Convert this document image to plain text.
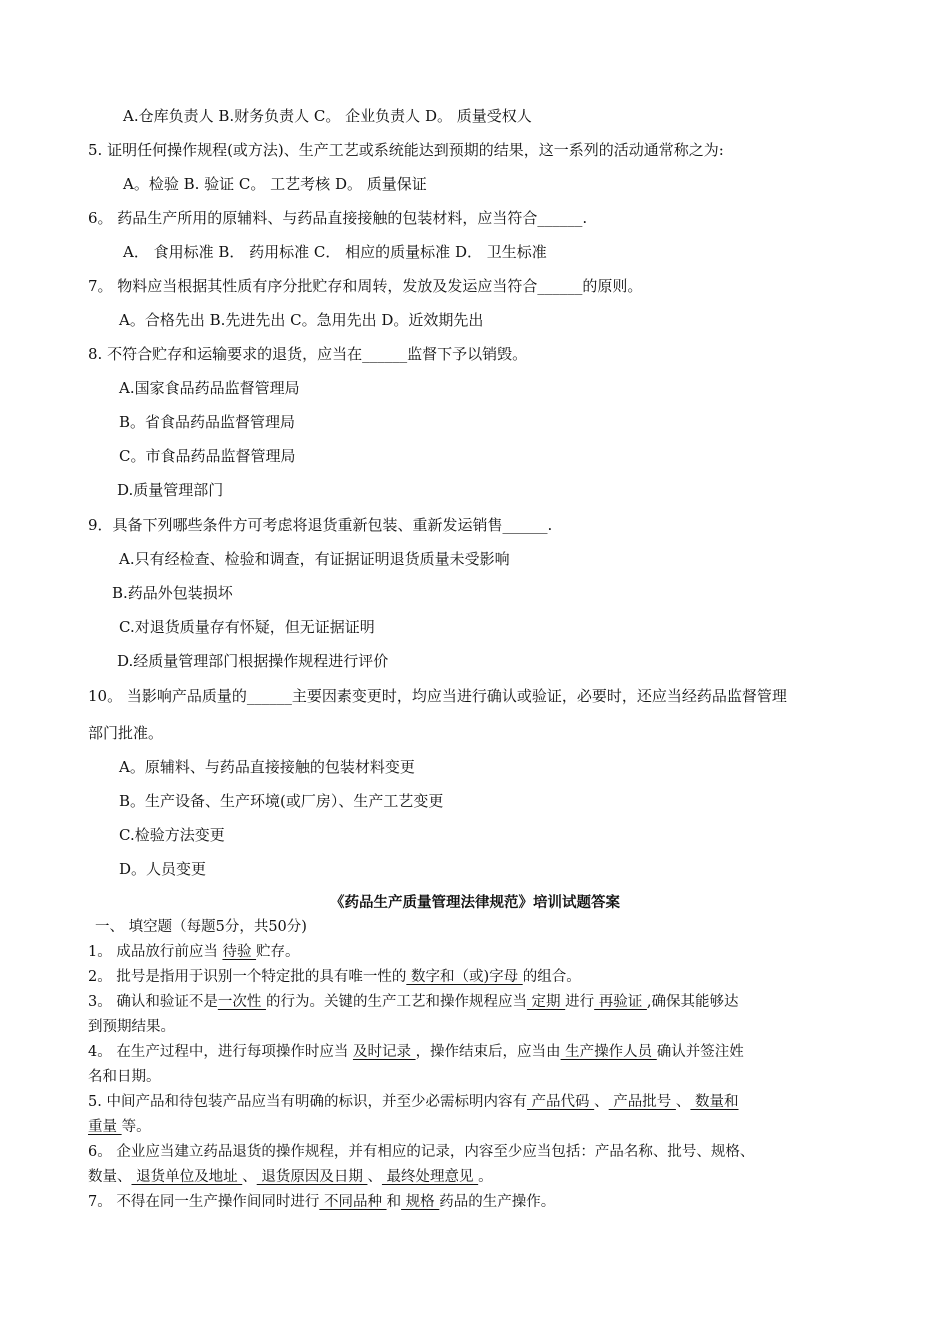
A.仓库负责人 B.财务负责人 C。 企业负责人 D。 质量受权人
5. 证明任何操作规程(或方法)、生产工艺或系统能达到预期的结果，这一系列的活动通常称之为:
A。检验 B. 验证 C。 工艺考核 D。 质量保证
6。 药品生产所用的原辅料、与药品直接接触的包装材料，应当符合______.
A． 食用标准 B． 药用标准 C． 相应的质量标准 D． 卫生标准
7。 物料应当根据其性质有序分批贮存和周转，发放及发运应当符合______的原则。
A。合格先出 B.先进先出 C。急用先出 D。近效期先出
8. 不符合贮存和运输要求的退货，应当在______监督下予以销毁。
A.国家食品药品监督管理局
B。省食品药品监督管理局
C。市食品药品监督管理局
D.质量管理部门
9．具备下列哪些条件方可考虑将退货重新包装、重新发运销售______.
A.只有经检查、检验和调查，有证据证明退货质量未受影响
B.药品外包装损坏
C.对退货质量存有怀疑，但无证据证明
D.经质量管理部门根据操作规程进行评价
10。 当影响产品质量的______主要因素变更时，均应当进行确认或验证，必要时，还应当经药品监督管理
部门批准。
A。原辅料、与药品直接接触的包装材料变更
B。生产设备、生产环境(或厂房）、生产工艺变更
C.检验方法变更
D。人员变更
《药品生产质量管理法律规范》培训试题答案
一、 填空题（每题5分，共50分)
1。 成品放行前应当 待验 贮存。
2。 批号是指用于识别一个特定批的具有唯一性的 数字和（或)字母 的组合。
3。 确认和验证不是一次性 的行为。关键的生产工艺和操作规程应当 定期 进行 再验证 ,确保其能够达
到预期结果。
4。 在生产过程中，进行每项操作时应当 及时记录 ，操作结束后，应当由 生产操作人员 确认并签注姓
名和日期。
5. 中间产品和待包装产品应当有明确的标识，并至少必需标明内容有 产品代码 、 产品批号 、 数量和
重量 等。
6。 企业应当建立药品退货的操作规程，并有相应的记录，内容至少应当包括：产品名称、批号、规格、
数量、 退货单位及地址 、 退货原因及日期 、 最终处理意见 。
7。 不得在同一生产操作间同时进行 不同品种 和 规格 药品的生产操作。
